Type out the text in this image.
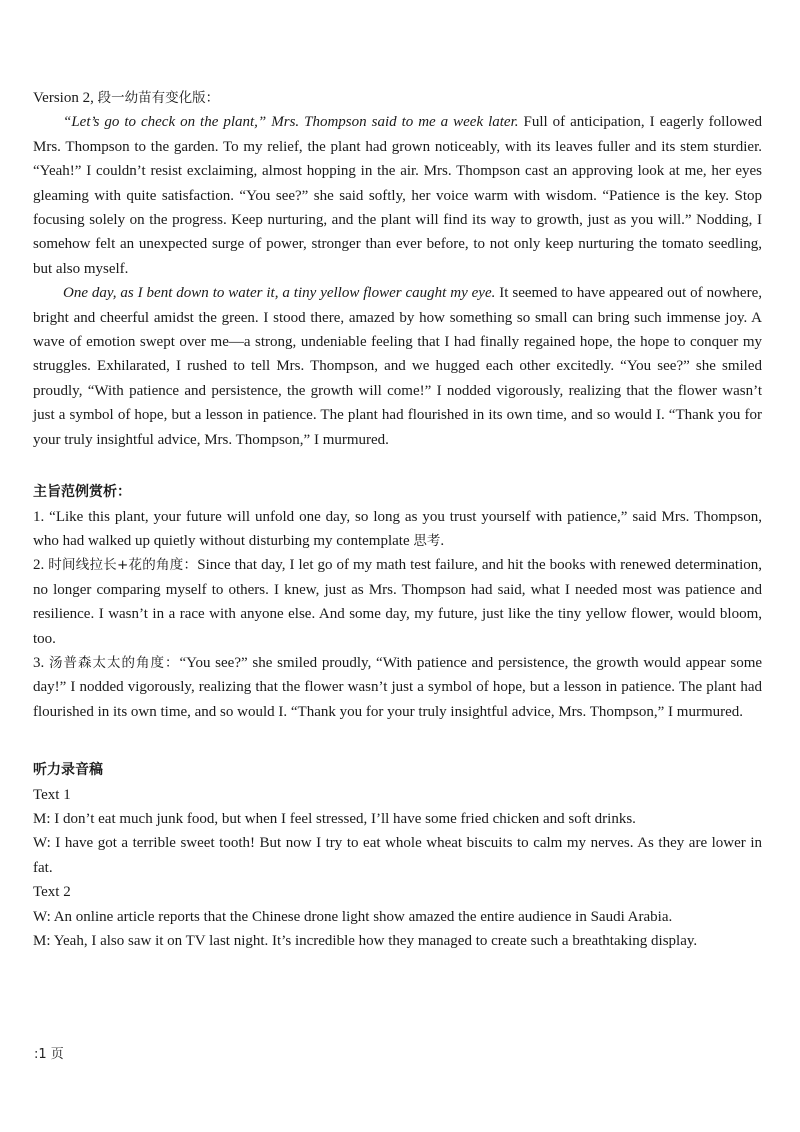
Version 2, 段一幼苗有变化版：

“Let’s go to check on the plant,” Mrs. Thompson said to me a week later. Full of anticipation, I eagerly followed Mrs. Thompson to the garden. To my relief, the plant had grown noticeably, with its leaves fuller and its stem sturdier. “Yeah!” I couldn’t resist exclaiming, almost hopping in the air. Mrs. Thompson cast an approving look at me, her eyes gleaming with quite satisfaction. “You see?” she said softly, her voice warm with wisdom. “Patience is the key. Stop focusing solely on the progress. Keep nurturing, and the plant will find its way to growth, just as you will.” Nodding, I somehow felt an unexpected surge of power, stronger than ever before, to not only keep nurturing the tomato seedling, but also myself.

One day, as I bent down to water it, a tiny yellow flower caught my eye. It seemed to have appeared out of nowhere, bright and cheerful amidst the green. I stood there, amazed by how something so small can bring such immense joy. A wave of emotion swept over me—a strong, undeniable feeling that I had finally regained hope, the hope to conquer my struggles. Exhilarated, I rushed to tell Mrs. Thompson, and we hugged each other excitedly. “You see?” she smiled proudly, “With patience and persistence, the growth will come!” I nodded vigorously, realizing that the flower wasn’t just a symbol of hope, but a lesson in patience. The plant had flourished in its own time, and so would I. “Thank you for your truly insightful advice, Mrs. Thompson,” I murmured.

主旨范例赏析：

1. “Like this plant, your future will unfold one day, so long as you trust yourself with patience,” said Mrs. Thompson, who had walked up quietly without disturbing my contemplate 思考.

2. 时间线拉长+花的角度：Since that day, I let go of my math test failure, and hit the books with renewed determination, no longer comparing myself to others. I knew, just as Mrs. Thompson had said, what I needed most was patience and resilience. I wasn’t in a race with anyone else. And some day, my future, just like the tiny yellow flower, would bloom, too.

3. 汤普森太太的角度：“You see?” she smiled proudly, “With patience and persistence, the growth would appear some day!” I nodded vigorously, realizing that the flower wasn’t just a symbol of hope, but a lesson in patience. The plant had flourished in its own time, and so would I. “Thank you for your truly insightful advice, Mrs. Thompson,” I murmured.

听力录音稿

Text 1

M: I don’t eat much junk food, but when I feel stressed, I’ll have some fried chicken and soft drinks.

W: I have got a terrible sweet tooth! But now I try to eat whole wheat biscuits to calm my nerves. As they are lower in fat.

Text 2

W: An online article reports that the Chinese drone light show amazed the entire audience in Saudi Arabia.

M: Yeah, I also saw it on TV last night. It’s incredible how they managed to create such a breathtaking display.

:1 页
